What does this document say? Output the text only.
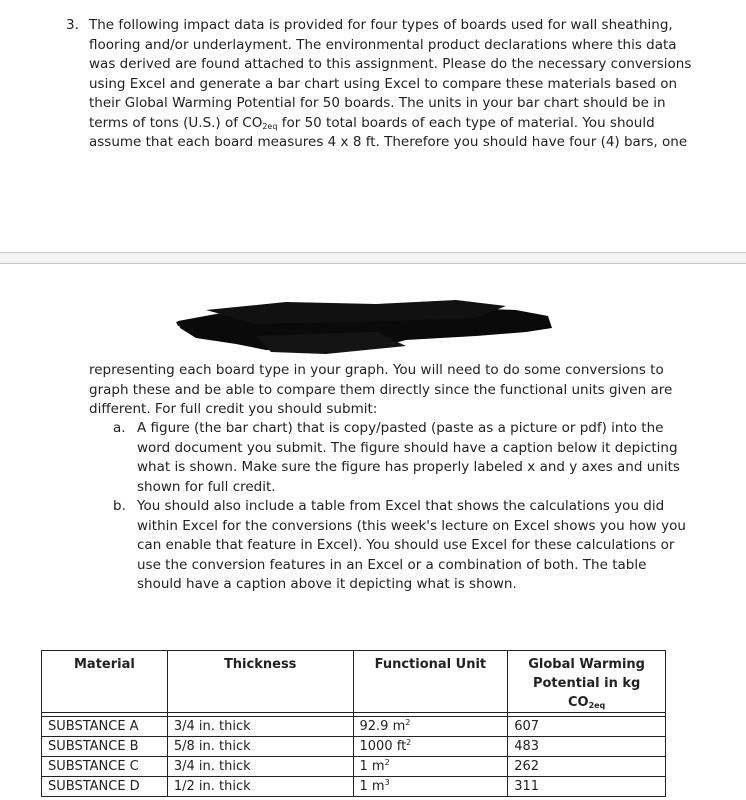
3. The following impact data is provided for four types of boards used for wall sheathing,

flooring and/or underlayment. The environmental product declarations where this data

was derived are found attached to this assignment. Please do the necessary conversions

using Excel and generate a bar chart using Excel to compare these materials based on

their Global Warming Potential for 50 boards. The units in your bar chart should be in

terms of tons (U.S.) of $CO_{2eq}$ for 50 total boards of each type of material. You should

assume that each board measures 4 x 8 ft. Therefore you should have four (4) bars, one

representing each board type in your graph. You will need to do some conversions to

graph these and be able to compare them directly since the functional units given are

different. For full credit you should submit:

a. A figure (the bar chart) that is copy/pasted (paste as a picture or pdf) into the

word document you submit. The figure should have a caption below it depicting

what is shown. Make sure the figure has properly labeled x and y axes and units

shown for full credit.

b. You should also include a table from Excel that shows the calculations you did

within Excel for the conversions (this week's lecture on Excel shows you how you

can enable that feature in Excel). You should use Excel for these calculations or

use the conversion features in an Excel or a combination of both. The table

should have a caption above it depicting what is shown.

Material	Thickness	Functional Unit	Global Warming
Potential in kg $CO_{2eq}$

SUBSTANCE A	3/4 in. thick	92.9 $m^2$	607
SUBSTANCE B	5/8 in. thick	1000 $ft^2$	483
SUBSTANCE C	3/4 in. thick	1 $m^2$	262
SUBSTANCE D	1/2 in. thick	1 $m^3$	311
